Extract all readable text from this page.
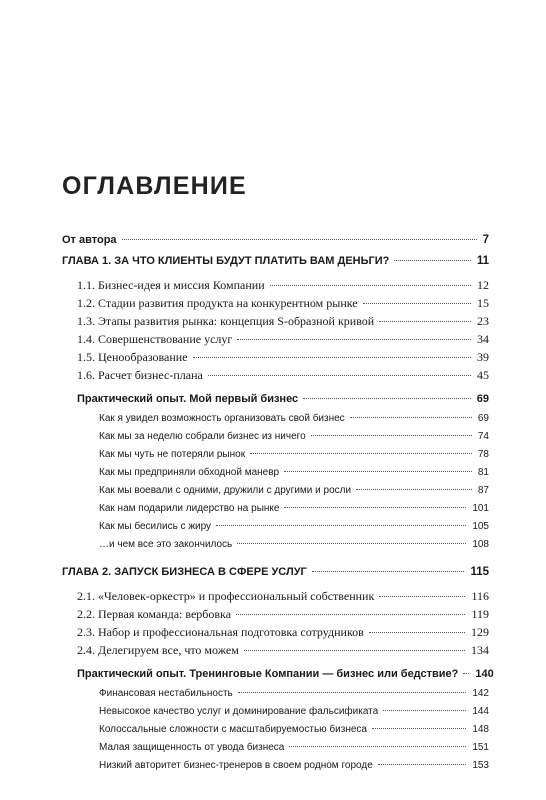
ОГЛАВЛЕНИЕ
От автора	7
ГЛАВА 1. ЗА ЧТО КЛИЕНТЫ БУДУТ ПЛАТИТЬ ВАМ ДЕНЬГИ?	11
1.1. Бизнес-идея и миссия Компании	12
1.2. Стадии развития продукта на конкурентном рынке	15
1.3. Этапы развития рынка: концепция S-образной кривой	23
1.4. Совершенствование услуг	34
1.5. Ценообразование	39
1.6. Расчет бизнес-плана	45
Практический опыт. Мой первый бизнес	69
Как я увидел возможность организовать свой бизнес	69
Как мы за неделю собрали бизнес из ничего	74
Как мы чуть не потеряли рынок	78
Как мы предприняли обходной маневр	81
Как мы воевали с одними, дружили с другими и росли	87
Как нам подарили лидерство на рынке	101
Как мы бесились с жиру	105
…и чем все это закончилось	108
ГЛАВА 2. ЗАПУСК БИЗНЕСА В СФЕРЕ УСЛУГ	115
2.1. «Человек-оркестр» и профессиональный собственник	116
2.2. Первая команда: вербовка	119
2.3. Набор и профессиональная подготовка сотрудников	129
2.4. Делегируем все, что можем	134
Практический опыт. Тренинговые Компании — бизнес или бедствие? 140
Финансовая нестабильность	142
Невысокое качество услуг и доминирование фальсификата	144
Колоссальные сложности с масштабируемостью бизнеса	148
Малая защищенность от увода бизнеса	151
Низкий авторитет бизнес-тренеров в своем родном городе	153
